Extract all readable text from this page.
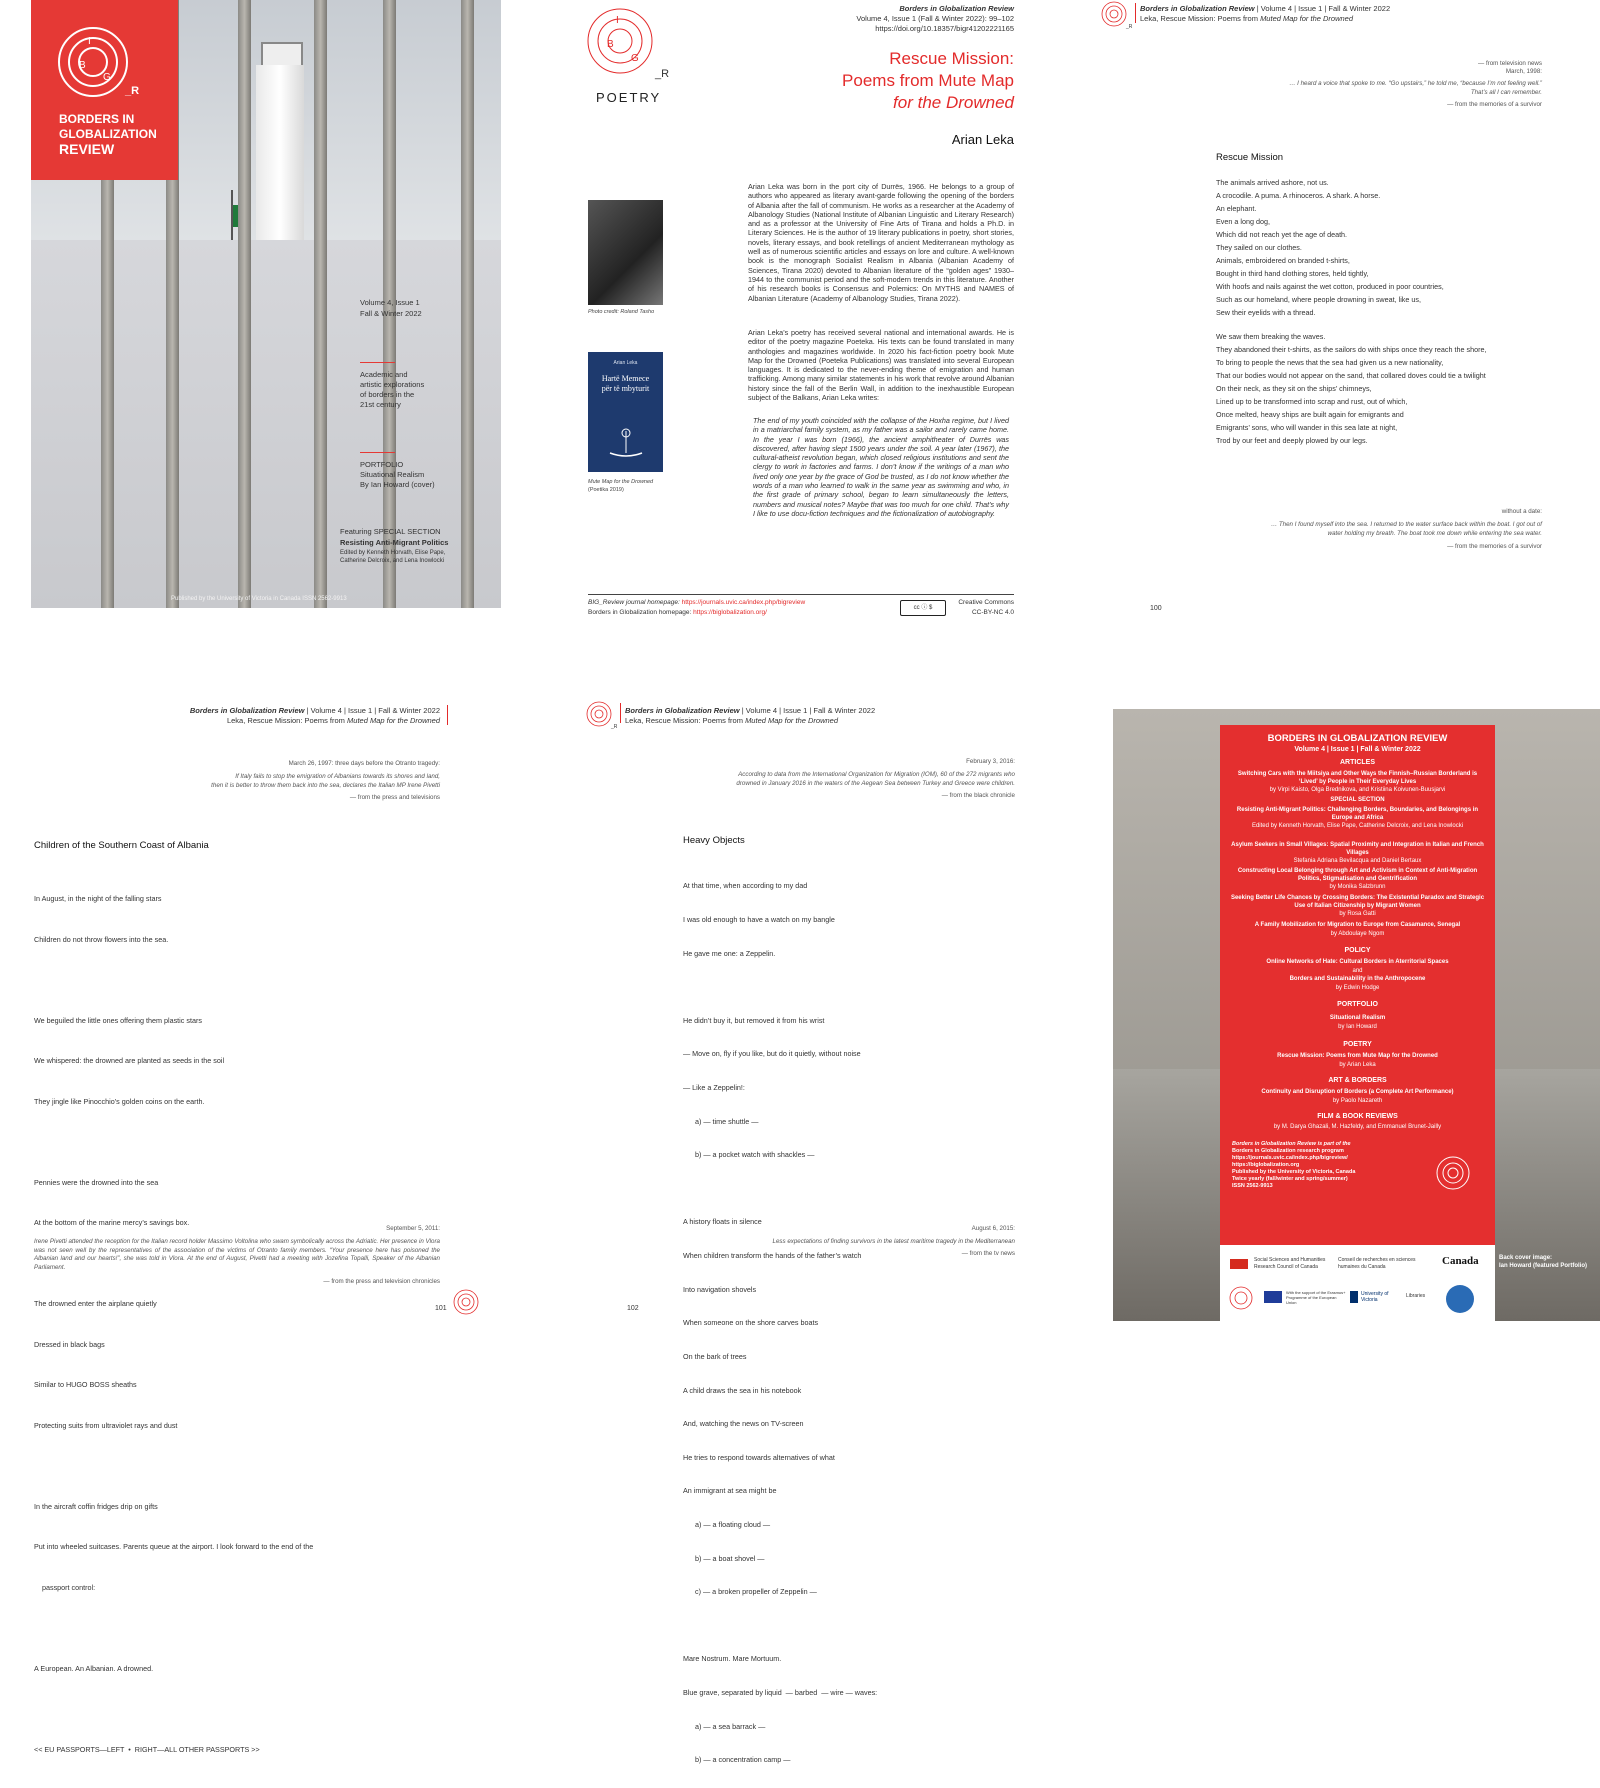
I
B
G
_R
BORDERS IN
GLOBALIZATION
REVIEW
Volume 4, Issue 1
Fall & Winter 2022
Academic and
artistic explorations
of borders in the
21st century
PORTFOLIO
Situational Realism
By Ian Howard (cover)
Featuring SPECIAL SECTION
Resisting Anti-Migrant Politics
Edited by Kenneth Horvath, Elise Pape,
Catherine Delcroix, and Lena Inowlocki
Published by the University of Victoria in Canada ISSN 2562-9913
I
B
G
_R
POETRY
Borders in Globalization Review
Volume 4, Issue 1 (Fall & Winter 2022): 99–102
https://doi.org/10.18357/bigr41202221165
Rescue Mission:
Poems from Mute Map
for the Drowned
Arian Leka
Photo credit: Roland Tasho
Arian Leka
Hartë Memece
për të mbyturit
Mute Map for the Drowned
(Poetika 2019)
Arian Leka was born in the port city of Durrës, 1966. He belongs to a group of authors who appeared as literary avant-garde following the opening of the borders of Albania after the fall of communism. He works as a researcher at the Academy of Albanology Studies (National Institute of Albanian Linguistic and Literary Research) and as a professor at the University of Fine Arts of Tirana and holds a Ph.D. in Literary Sciences. He is the author of 19 literary publications in poetry, short stories, novels, literary essays, and book retellings of ancient Mediterranean mythology as well as of numerous scientific articles and essays on lore and culture. A well-known book is the monograph Socialist Realism in Albania (Albanian Academy of Sciences, Tirana 2020) devoted to Albanian literature of the “golden ages” 1930–1944 to the communist period and the soft-modern trends in this literature. Another of his research books is Consensus and Polemics: On MYTHS and NAMES of Albanian Literature (Academy of Albanology Studies, Tirana 2022).
Arian Leka’s poetry has received several national and international awards. He is editor of the poetry magazine Poeteka. His texts can be found translated in many anthologies and magazines worldwide. In 2020 his fact-fiction poetry book Mute Map for the Drowned (Poeteka Publications) was translated into several European languages. It is dedicated to the never-ending theme of emigration and human trafficking. Among many similar statements in his work that revolve around Albanian history since the fall of the Berlin Wall, in addition to the inexhaustible European subject of the Balkans, Arian Leka writes:
The end of my youth coincided with the collapse of the Hoxha regime, but I lived in a matriarchal family system, as my father was a sailor and rarely came home. In the year I was born (1966), the ancient amphitheater of Durrës was discovered, after having slept 1500 years under the soil. A year later (1967), the cultural-atheist revolution began, which closed religious institutions and sent the clergy to work in factories and farms. I don’t know if the writings of a man who lived only one year by the grace of God be trusted, as I do not know whether the words of a man who learned to walk in the same year as swimming and who, in the first grade of primary school, began to learn simultaneously the letters, numbers and musical notes? Maybe that was too much for one child. That’s why I like to use docu-fiction techniques and the fictionalization of autobiography.
BIG_Review journal homepage: https://journals.uvic.ca/index.php/bigreview
Borders in Globalization homepage: https://biglobalization.org/
cc ⓘ $
Creative Commons
CC-BY-NC 4.0
_R
Borders in Globalization Review | Volume 4 | Issue 1 | Fall & Winter 2022
Leka, Rescue Mission: Poems from Muted Map for the Drowned
— from television news
March, 1998:
… I heard a voice that spoke to me. “Go upstairs,” he told me, “because I’m not feeling well.”
That’s all I can remember.
— from the memories of a survivor
Rescue Mission
The animals arrived ashore, not us.
A crocodile. A puma. A rhinoceros. A shark. A horse.
An elephant.
Even a long dog,
Which did not reach yet the age of death.
They sailed on our clothes.
Animals, embroidered on branded t-shirts,
Bought in third hand clothing stores, held tightly,
With hoofs and nails against the wet cotton, produced in poor countries,
Such as our homeland, where people drowning in sweat, like us,
Sew their eyelids with a thread.
We saw them breaking the waves.
They abandoned their t-shirts, as the sailors do with ships once they reach the shore,
To bring to people the news that the sea had given us a new nationality,
That our bodies would not appear on the sand, that collared doves could tie a twilight
On their neck, as they sit on the ships’ chimneys,
Lined up to be transformed into scrap and rust, out of which,
Once melted, heavy ships are built again for emigrants and
Emigrants’ sons, who will wander in this sea late at night,
Trod by our feet and deeply plowed by our legs.
without a date:
… Then I found myself into the sea. I returned to the water surface back within the boat. I got out of
water holding my breath. The boat took me down while entering the sea water.
— from the memories of a survivor
100
Borders in Globalization Review | Volume 4 | Issue 1 | Fall & Winter 2022
Leka, Rescue Mission: Poems from Muted Map for the Drowned
March 26, 1997: three days before the Otranto tragedy:
If Italy fails to stop the emigration of Albanians towards its shores and land,
then it is better to throw them back into the sea, declares the Italian MP Irene Pivetti
— from the press and televisions
Children of the Southern Coast of Albania

In August, in the night of the falling stars

Children do not throw flowers into the sea.

We beguiled the little ones offering them plastic stars

We whispered: the drowned are planted as seeds in the soil

They jingle like Pinocchio’s golden coins on the earth.

Pennies were the drowned into the sea

At the bottom of the marine mercy’s savings box.

The drowned enter the airplane quietly

Dressed in black bags

Similar to HUGO BOSS sheaths

Protecting suits from ultraviolet rays and dust

In the aircraft coffin fridges drip on gifts

Put into wheeled suitcases. Parents queue at the airport. I look forward to the end of the

passport control:

A European. An Albanian. A drowned.

<< EU PASSPORTS—LEFT  •  RIGHT—ALL OTHER PASSPORTS >>

September 5, 2011:
Irene Pivetti attended the reception for the Italian record holder Massimo Voltolina who swam symbolically across the Adriatic. Her presence in Vlora was not seen well by the representatives of the association of the victims of Otranto family members. “Your presence here has poisoned the Albanian land and our hearts!”, she was told in Vlora. At the end of August, Pivetti had a meeting with Jozefina Topalli, Speaker of the Albanian Parliament.
— from the press and television chronicles
101
_R
Borders in Globalization Review | Volume 4 | Issue 1 | Fall & Winter 2022
Leka, Rescue Mission: Poems from Muted Map for the Drowned
February 3, 2016:
According to data from the International Organization for Migration (IOM), 60 of the 272 migrants who
drowned in January 2016 in the waters of the Aegean Sea between Turkey and Greece were children.
— from the black chronicle
Heavy Objects

At that time, when according to my dad

I was old enough to have a watch on my bangle

He gave me one: a Zeppelin.

He didn’t buy it, but removed it from his wrist

— Move on, fly if you like, but do it quietly, without noise

— Like a Zeppelin!:

a) — time shuttle —

b) — a pocket watch with shackles —

A history floats in silence

When children transform the hands of the father’s watch

Into navigation shovels

When someone on the shore carves boats

On the bark of trees

A child draws the sea in his notebook

And, watching the news on TV-screen

He tries to respond towards alternatives of what

An immigrant at sea might be

a) — a floating cloud —

b) — a boat shovel —

c) — a broken propeller of Zeppelin —

Mare Nostrum. Mare Mortuum.

Blue grave, separated by liquid  — barbed  — wire — waves:

a) — a sea barrack —

b) — a concentration camp —

August 6, 2015:
Less expectations of finding survivors in the latest maritime tragedy in the Mediterranean
— from the tv news
102
BORDERS IN GLOBALIZATION REVIEW
Volume 4 | Issue 1 | Fall & Winter 2022
ARTICLES
Switching Cars with the Miitsiya and Other Ways the Finnish–Russian Borderland is ‘Lived’ by People in Their Everyday Lives
by Virpi Kaisto, Olga Brednikova, and Kristiina Koivunen-Buusjarvi
SPECIAL SECTION
Resisting Anti-Migrant Politics: Challenging Borders, Boundaries, and Belongings in Europe and Africa
Edited by Kenneth Horvath, Elise Pape, Catherine Delcroix, and Lena Inowlocki
Asylum Seekers in Small Villages: Spatial Proximity and Integration in Italian and French Villages
Stefania Adriana Bevilacqua and Daniel Bertaux
Constructing Local Belonging through Art and Activism in Context of Anti-Migration Politics, Stigmatisation and Gentrification
by Monika Salzbrunn
Seeking Better Life Chances by Crossing Borders: The Existential Paradox and Strategic Use of Italian Citizenship by Migrant Women
by Rosa Gatti
A Family Mobilization for Migration to Europe from Casamance, Senegal
by Abdoulaye Ngom
POLICY
Online Networks of Hate: Cultural Borders in Aterritorial Spaces
and
Borders and Sustainability in the Anthropocene
by Edwin Hodge
PORTFOLIO
Situational Realism
by Ian Howard
POETRY
Rescue Mission: Poems from Mute Map for the Drowned
by Arian Leka
ART & BORDERS
Continuity and Disruption of Borders (a Complete Art Performance)
by Paolo Nazareth
FILM & BOOK REVIEWS
by M. Darya Ghazali, M. Hazfeldy, and Emmanuel Brunet-Jailly
Borders in Globalization Review is part of the
Borders in Globalization research program
https://journals.uvic.ca/index.php/bigreview/
https://biglobalization.org
Published by the University of Victoria, Canada
Twice yearly (fall/winter and spring/summer)
ISSN 2562-9913
Social Sciences and Humanities Research Council of Canada
Conseil de recherches en sciences humaines du Canada	Canada
With the support of the Erasmus+ Programme of the European Union
University of Victoria
Libraries
Back cover image:
Ian Howard (featured Portfolio)
